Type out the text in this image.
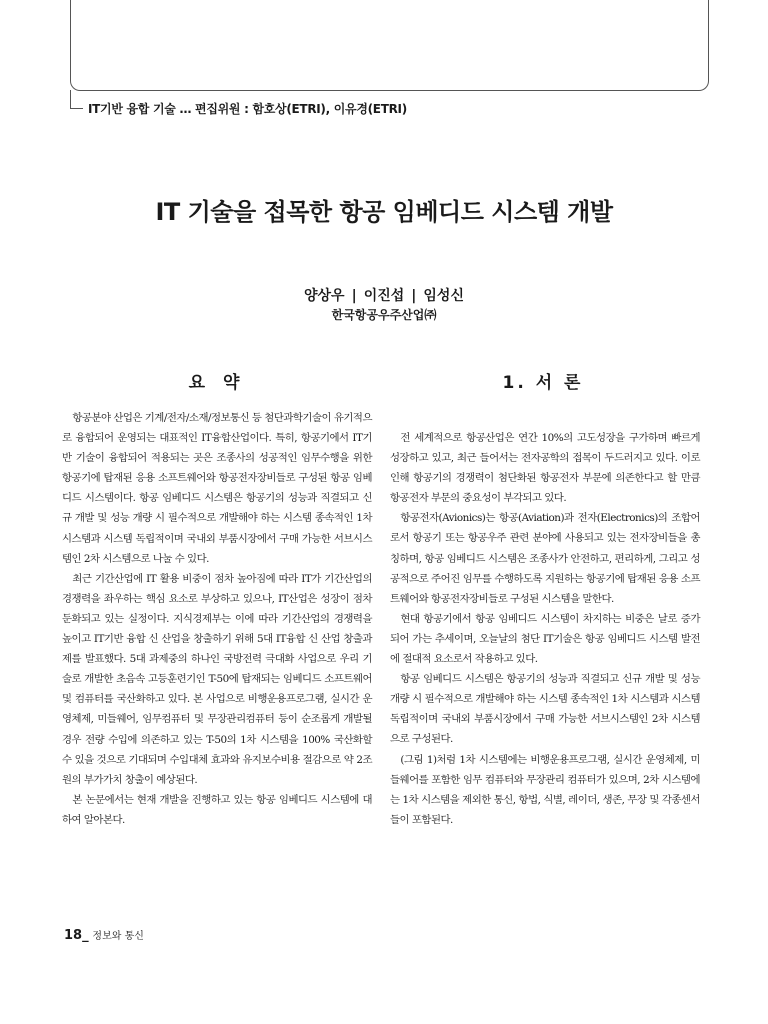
IT기반 융합 기술 … 편집위원 : 함호상(ETRI), 이유경(ETRI)
IT 기술을 접목한 항공 임베디드 시스템 개발
양상우 | 이진섭 | 임성신
한국항공우주산업㈜
요 약	1. 서 론

항공분야 산업은 기계/전자/소재/정보통신 등 첨단과학기술이 유기적으로 융합되어 운영되는 대표적인 IT융합산업이다. 특히, 항공기에서 IT기반 기술이 융합되어 적용되는 곳은 조종사의 성공적인 임무수행을 위한 항공기에 탑재된 응용 소프트웨어와 항공전자장비들로 구성된 항공 임베디드 시스템이다. 항공 임베디드 시스템은 항공기의 성능과 직결되고 신규 개발 및 성능 개량 시 필수적으로 개발해야 하는 시스템 종속적인 1차 시스템과 시스템 독립적이며 국내외 부품시장에서 구매 가능한 서브시스템인 2차 시스템으로 나눌 수 있다.

최근 기간산업에 IT 활용 비중이 점차 높아짐에 따라 IT가 기간산업의 경쟁력을 좌우하는 핵심 요소로 부상하고 있으나, IT산업은 성장이 점차 둔화되고 있는 실정이다. 지식경제부는 이에 따라 기간산업의 경쟁력을 높이고 IT기반 융합 신 산업을 창출하기 위해 5대 IT융합 신 산업 창출과제를 발표했다. 5대 과제중의 하나인 국방전력 극대화 사업으로 우리 기술로 개발한 초음속 고등훈련기인 T-50에 탑재되는 임베디드 소프트웨어 및 컴퓨터를 국산화하고 있다. 본 사업으로 비행운용프로그램, 실시간 운영체제, 미들웨어, 임무컴퓨터 및 무장관리컴퓨터 등이 순조롭게 개발될 경우 전량 수입에 의존하고 있는 T-50의 1차 시스템을 100% 국산화할 수 있을 것으로 기대되며 수입대체 효과와 유지보수비용 절감으로 약 2조원의 부가가치 창출이 예상된다.

본 논문에서는 현재 개발을 진행하고 있는 항공 임베디드 시스템에 대하여 알아본다.

전 세계적으로 항공산업은 연간 10%의 고도성장을 구가하며 빠르게 성장하고 있고, 최근 들어서는 전자공학의 접목이 두드러지고 있다. 이로 인해 항공기의 경쟁력이 첨단화된 항공전자 부문에 의존한다고 할 만큼 항공전자 부문의 중요성이 부각되고 있다.

항공전자(Avionics)는 항공(Aviation)과 전자(Electronics)의 조합어로서 항공기 또는 항공우주 관련 분야에 사용되고 있는 전자장비들을 총칭하며, 항공 임베디드 시스템은 조종사가 안전하고, 편리하게, 그리고 성공적으로 주어진 임무를 수행하도록 지원하는 항공기에 탑재된 응용 소프트웨어와 항공전자장비들로 구성된 시스템을 말한다.

현대 항공기에서 항공 임베디드 시스템이 차지하는 비중은 날로 증가 되어 가는 추세이며, 오늘날의 첨단 IT기술은 항공 임베디드 시스템 발전에 절대적 요소로서 작용하고 있다.

항공 임베디드 시스템은 항공기의 성능과 직결되고 신규 개발 및 성능 개량 시 필수적으로 개발해야 하는 시스템 종속적인 1차 시스템과 시스템 독립적이며 국내외 부품시장에서 구매 가능한 서브시스템인 2차 시스템으로 구성된다.

(그림 1)처럼 1차 시스템에는 비행운용프로그램, 실시간 운영체제, 미들웨어를 포함한 임무 컴퓨터와 무장관리 컴퓨터가 있으며, 2차 시스템에는 1차 시스템을 제외한 통신, 항법, 식별, 레이더, 생존, 무장 및 각종센서들이 포함된다.

18_ 정보와 통신
